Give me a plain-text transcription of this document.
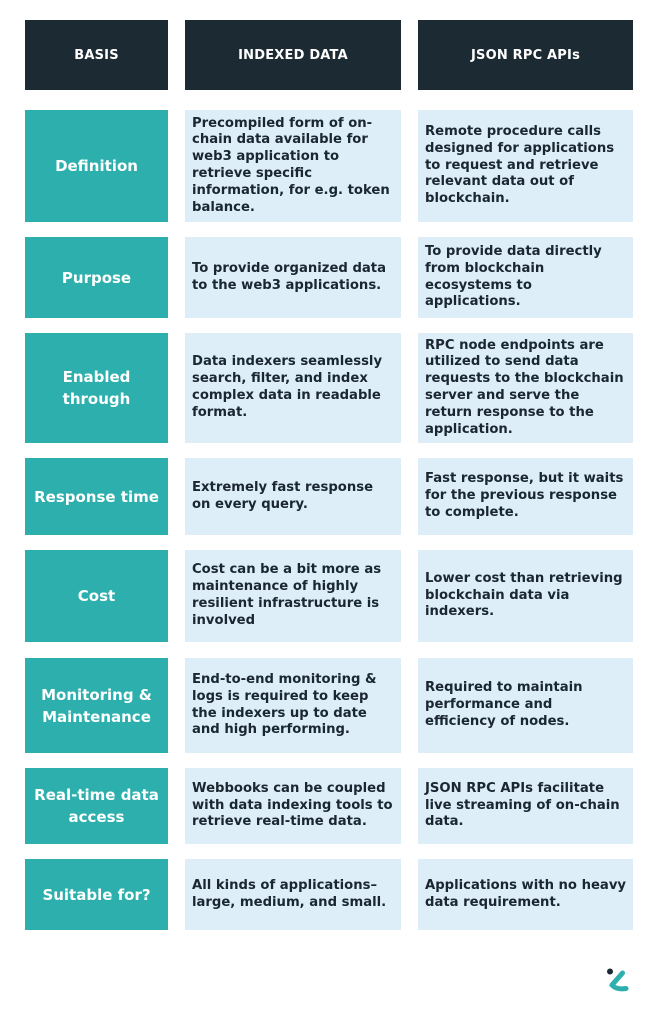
BASIS	INDEXED DATA	JSON RPC APIs
Definition
Precompiled form of on-chain data available for web3 application to retrieve specific information, for e.g. token balance.
Remote procedure calls designed for applications to request and retrieve relevant data out of blockchain.
Purpose
To provide organized data to the web3 applications.
To provide data directly from blockchain ecosystems to applications.
Enabled through
Data indexers seamlessly search, filter, and index complex data in readable format.
RPC node endpoints are utilized to send data requests to the blockchain server and serve the return response to the application.
Response time
Extremely fast response on every query.
Fast response, but it waits for the previous response to complete.
Cost
Cost can be a bit more as maintenance of highly resilient infrastructure is involved
Lower cost than retrieving blockchain data via indexers.
Monitoring & Maintenance
End-to-end monitoring & logs is required to keep the indexers up to date and high performing.
Required to maintain performance and efficiency of nodes.
Real-time data access
Webbooks can be coupled with data indexing tools to retrieve real-time data.
JSON RPC APIs facilitate live streaming of on-chain data.
Suitable for?
All kinds of applications– large, medium, and small.
Applications with no heavy data requirement.
